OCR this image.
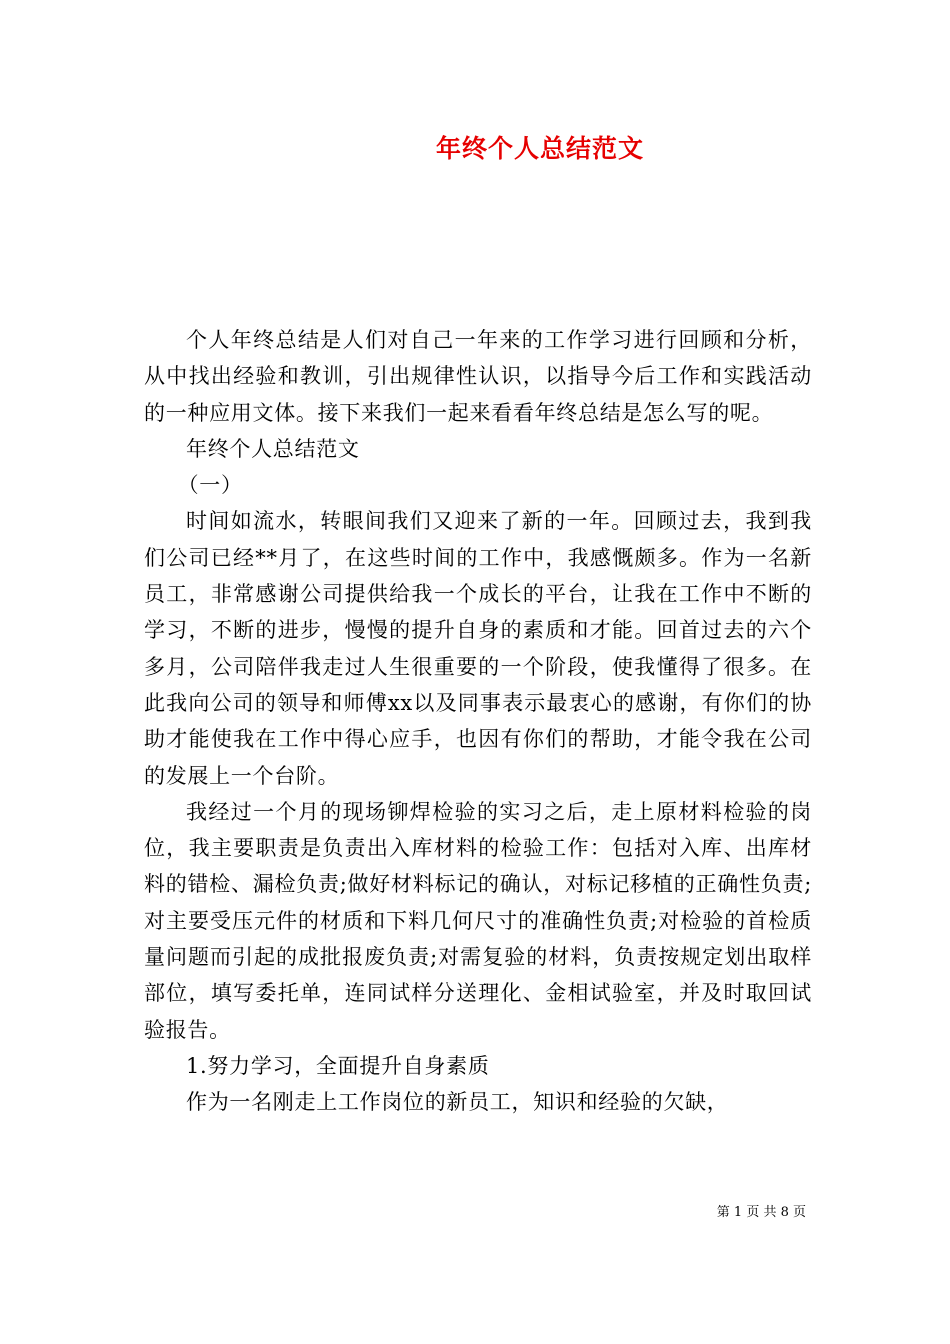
年终个人总结范文

个人年终总结是人们对自己一年来的工作学习进行回顾和分析，从中找出经验和教训，引出规律性认识，以指导今后工作和实践活动的一种应用文体。接下来我们一起来看看年终总结是怎么写的呢。

年终个人总结范文

（一）

时间如流水，转眼间我们又迎来了新的一年。回顾过去，我到我们公司已经**月了，在这些时间的工作中，我感慨颇多。作为一名新员工，非常感谢公司提供给我一个成长的平台，让我在工作中不断的学习，不断的进步，慢慢的提升自身的素质和才能。回首过去的六个多月，公司陪伴我走过人生很重要的一个阶段，使我懂得了很多。在此我向公司的领导和师傅xx以及同事表示最衷心的感谢，有你们的协助才能使我在工作中得心应手，也因有你们的帮助，才能令我在公司的发展上一个台阶。

我经过一个月的现场铆焊检验的实习之后，走上原材料检验的岗位，我主要职责是负责出入库材料的检验工作：包括对入库、出库材料的错检、漏检负责;做好材料标记的确认，对标记移植的正确性负责;对主要受压元件的材质和下料几何尺寸的准确性负责;对检验的首检质量问题而引起的成批报废负责;对需复验的材料，负责按规定划出取样部位，填写委托单，连同试样分送理化、金相试验室，并及时取回试验报告。

1.努力学习，全面提升自身素质

作为一名刚走上工作岗位的新员工，知识和经验的欠缺，

第 1 页 共 8 页
